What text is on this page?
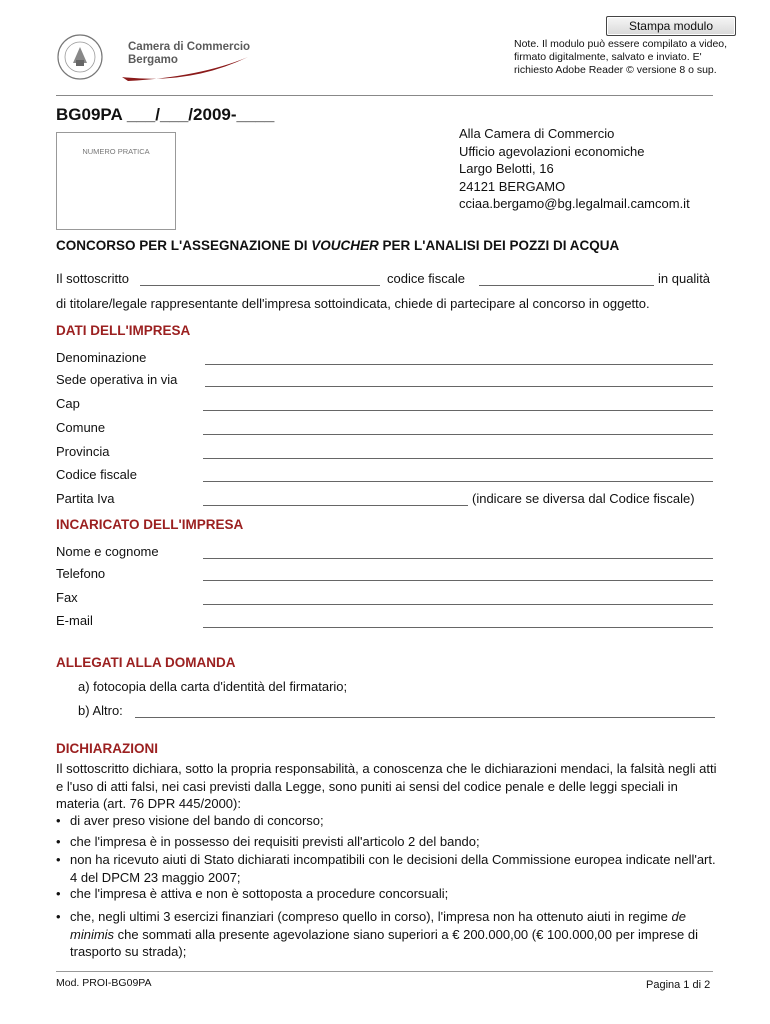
Stampa modulo
Note. Il modulo può essere compilato a video, firmato digitalmente, salvato e inviato. E' richiesto Adobe Reader © versione 8 o sup.
Camera di Commercio
Bergamo
BG09PA ___/___/2009-____
NUMERO PRATICA
Alla Camera di Commercio
Ufficio agevolazioni economiche
Largo Belotti, 16
24121 BERGAMO
cciaa.bergamo@bg.legalmail.camcom.it
CONCORSO PER L'ASSEGNAZIONE DI VOUCHER PER L'ANALISI DEI POZZI DI ACQUA
Il sottoscritto	codice fiscale	in qualità
di titolare/legale rappresentante dell'impresa sottoindicata, chiede di partecipare al concorso in oggetto.
DATI DELL'IMPRESA
Denominazione
Sede operativa in via
Cap
Comune
Provincia
Codice fiscale
Partita Iva	(indicare se diversa dal Codice fiscale)
INCARICATO DELL'IMPRESA
Nome e cognome
Telefono
Fax
E-mail
ALLEGATI ALLA DOMANDA
a) fotocopia della carta d'identità del firmatario;
b) Altro:
DICHIARAZIONI
Il sottoscritto dichiara, sotto la propria responsabilità, a conoscenza che le dichiarazioni mendaci, la falsità negli atti e l'uso di atti falsi, nei casi previsti dalla Legge, sono puniti ai sensi del codice penale e delle leggi speciali in materia (art. 76 DPR 445/2000):
• di aver preso visione del bando di concorso;
• che l'impresa è in possesso dei requisiti previsti all'articolo 2 del bando;
• non ha ricevuto aiuti di Stato dichiarati incompatibili con le decisioni della Commissione europea indicate nell'art. 4 del DPCM 23 maggio 2007;
• che l'impresa è attiva e non è sottoposta a procedure concorsuali;
• che, negli ultimi 3 esercizi finanziari (compreso quello in corso), l'impresa non ha ottenuto aiuti in regime de minimis che sommati alla presente agevolazione siano superiori a € 200.000,00 (€ 100.000,00 per imprese di trasporto su strada);
Mod. PROI-BG09PA	Pagina 1 di 2
